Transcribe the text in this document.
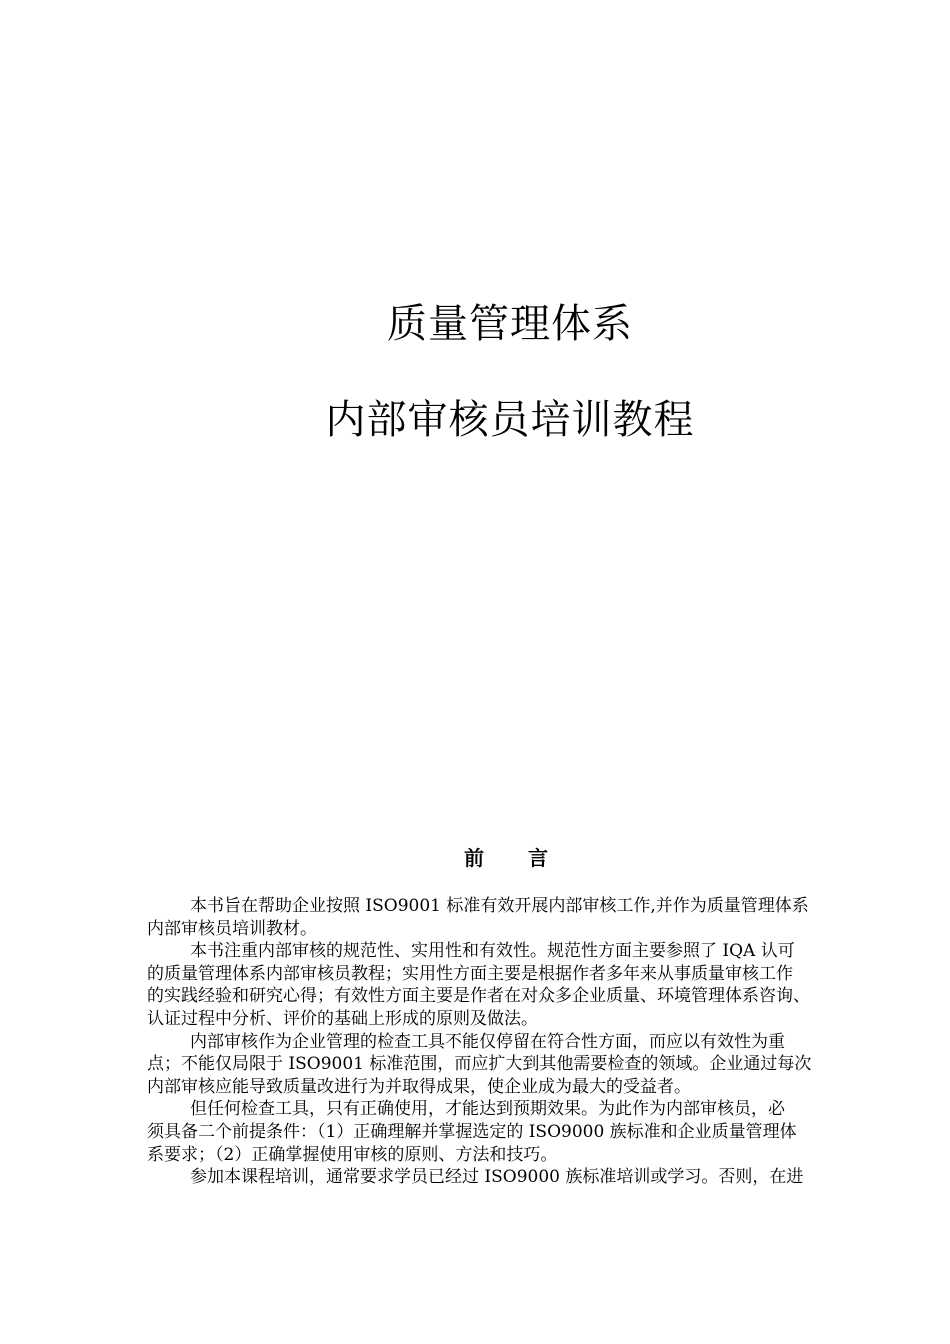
质量管理体系
内部审核员培训教程
前 言

本书旨在帮助企业按照 ISO9001 标准有效开展内部审核工作,并作为质量管理体系
内部审核员培训教材。

本书注重内部审核的规范性、实用性和有效性。规范性方面主要参照了 IQA 认可
的质量管理体系内部审核员教程；实用性方面主要是根据作者多年来从事质量审核工作
的实践经验和研究心得；有效性方面主要是作者在对众多企业质量、环境管理体系咨询、
认证过程中分析、评价的基础上形成的原则及做法。

内部审核作为企业管理的检查工具不能仅停留在符合性方面，而应以有效性为重
点；不能仅局限于 ISO9001 标准范围，而应扩大到其他需要检查的领域。企业通过每次
内部审核应能导致质量改进行为并取得成果，使企业成为最大的受益者。

但任何检查工具，只有正确使用，才能达到预期效果。为此作为内部审核员，必
须具备二个前提条件：（1）正确理解并掌握选定的 ISO9000 族标准和企业质量管理体
系要求；（2）正确掌握使用审核的原则、方法和技巧。

参加本课程培训，通常要求学员已经过 ISO9000 族标准培训或学习。否则，在进
